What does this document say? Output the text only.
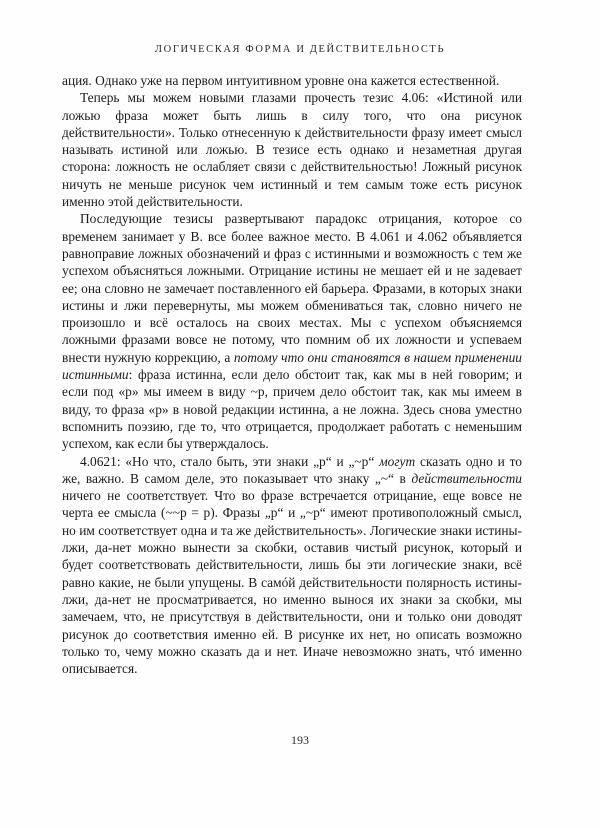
ЛОГИЧЕСКАЯ ФОРМА И ДЕЙСТВИТЕЛЬНОСТЬ

ация. Однако уже на первом интуитивном уровне она кажется естественной.

Теперь мы можем новыми глазами прочесть тезис 4.06: «Истиной или ложью фраза может быть лишь в силу того, что она рисунок действительности». Только отнесенную к действительности фразу имеет смысл называть истиной или ложью. В тезисе есть однако и незаметная другая сторона: ложность не ослабляет связи с действительностью! Ложный рисунок ничуть не меньше рисунок чем истинный и тем самым тоже есть рисунок именно этой действительности.

Последующие тезисы развертывают парадокс отрицания, которое со временем занимает у В. все более важное место. В 4.061 и 4.062 объявляется равноправие ложных обозначений и фраз с истинными и возможность с тем же успехом объясняться ложными. Отрицание истины не мешает ей и не задевает ее; она словно не замечает поставленного ей барьера. Фразами, в которых знаки истины и лжи перевернуты, мы можем обмениваться так, словно ничего не произошло и всё осталось на своих местах. Мы с успехом объясняемся ложными фразами вовсе не потому, что помним об их ложности и успеваем внести нужную коррекцию, а потому что они становятся в нашем применении истинными: фраза истинна, если дело обстоит так, как мы в ней говорим; и если под «p» мы имеем в виду ~p, причем дело обстоит так, как мы имеем в виду, то фраза «p» в новой редакции истинна, а не ложна. Здесь снова уместно вспомнить поэзию, где то, что отрицается, продолжает работать с неменьшим успехом, как если бы утверждалось.

4.0621: «Но что, стало быть, эти знаки „p“ и „~p“ могут сказать одно и то же, важно. В самом деле, это показывает что знаку „~“ в действительности ничего не соответствует. Что во фразе встречается отрицание, еще вовсе не черта ее смысла (~~p = p). Фразы „p“ и „~p“ имеют противоположный смысл, но им соответствует одна и та же действительность». Логические знаки истины-лжи, да-нет можно вынести за скобки, оставив чистый рисунок, который и будет соответствовать действительности, лишь бы эти логические знаки, всё равно какие, не были упущены. В самóй действительности полярность истины-лжи, да-нет не просматривается, но именно вынося их знаки за скобки, мы замечаем, что, не присутствуя в действительности, они и только они доводят рисунок до соответствия именно ей. В рисунке их нет, но описать возможно только то, чему можно сказать да и нет. Иначе невозможно знать, чтó именно описывается.

193
